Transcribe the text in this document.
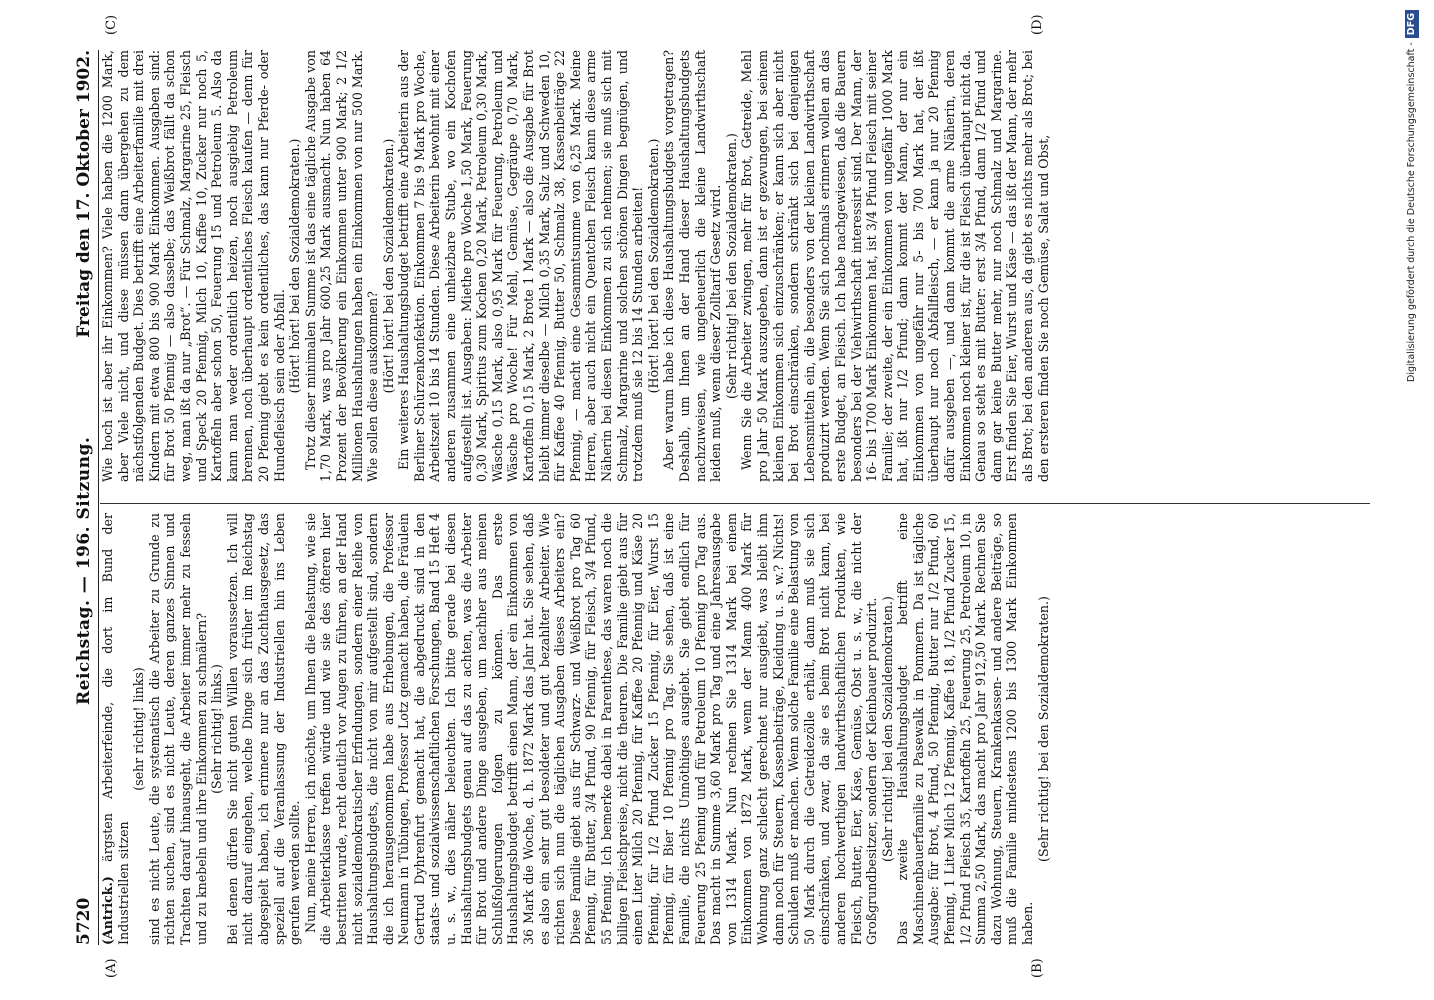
5720
Reichstag. — 196. Sitzung.
Freitag den 17. Oktober 1902.
(A)	(B)
(C)	(D)

(Antrick.) ärgsten Arbeiterfeinde, die dort im Bund der Industriellen sitzen

(sehr richtig! links) sind es nicht Leute, die systematisch die Arbeiter zu Grunde zu richten suchen, sind es nicht Leute, deren ganzes Sinnen und Trachten darauf hinausgeht, die Arbeiter immer mehr zu fesseln und zu knebeln und ihre Einkommen zu schmälern? (Sehr richtig! links.) Bei denen dürfen Sie nicht guten Willen voraussetzen. Ich will nicht darauf eingehen, welche Dinge sich früher im Reichstag abgespielt haben, ich erinnere nur an das Zuchthausgesetz, das speziell auf die Veranlassung der Industriellen hin ins Leben gerufen werden sollte. Nun, meine Herren, ich möchte, um Ihnen die Belastung, wie sie die Arbeiterklasse treffen würde und wie sie des öfteren hier bestritten wurde, recht deutlich vor Augen zu führen, an der Hand nicht sozialdemokratischer Erfindungen, sondern einer Reihe von Haushaltungsbudgets, die nicht von mir aufgestellt sind, sondern die ich herausgenommen habe aus Erhebungen, die Professor Neumann in Tübingen, Professor Lotz gemacht haben, die Fräulein Gertrud Dyhrenfurt gemacht hat, die abgedruckt sind in den staats- und sozialwissenschaftlichen Forschungen, Band 15 Heft 4 u. s. w., dies näher beleuchten. Ich bitte gerade bei diesen Haushaltungsbudgets genau auf das zu achten, was die Arbeiter für Brot und andere Dinge ausgeben, um nachher aus meinen Schlußfolgerungen folgen zu können. Das erste Haushaltungsbudget betrifft einen Mann, der ein Einkommen von 36 Mark die Woche, d. h. 1872 Mark das Jahr hat. Sie sehen, daß es also ein sehr gut besoldeter und gut bezahlter Arbeiter. Wie richten sich nun die täglichen Ausgaben dieses Arbeiters ein? Diese Familie giebt aus für Schwarz- und Weißbrot pro Tag 60 Pfennig, für Butter, 3/4 Pfund, 90 Pfennig, für Fleisch, 3/4 Pfund, 55 Pfennig. Ich bemerke dabei in Parenthese, das waren noch die billigen Fleischpreise, nicht die theuren. Die Familie giebt aus für einen Liter Milch 20 Pfennig, für Kaffee 20 Pfennig und Käse 20 Pfennig, für 1/2 Pfund Zucker 15 Pfennig, für Eier, Wurst 15 Pfennig, für Bier 10 Pfennig pro Tag. Sie sehen, daß ist eine Familie, die nichts Unnöthiges ausgiebt. Sie giebt endlich für Feuerung 25 Pfennig und für Petroleum 10 Pfennig pro Tag aus. Das macht in Summe 3,60 Mark pro Tag und eine Jahresausgabe von 1314 Mark. Nun rechnen Sie 1314 Mark bei einem Einkommen von 1872 Mark, wenn der Mann 400 Mark für Wohnung ganz schlecht gerechnet nur ausgiebt, was bleibt ihm dann noch für Steuern, Kassenbeiträge, Kleidung u. s. w.? Nichts! Schulden muß er machen. Wenn solche Familie eine Belastung von 50 Mark durch die Getreidezölle erhält, dann muß sie sich einschränken, und zwar, da sie es beim Brot nicht kann, bei anderen hochwerthigen landwirthschaftlichen Produkten, wie Fleisch, Butter, Eier, Käse, Gemüse, Obst u. s. w., die nicht der Großgrundbesitzer, sondern der Kleinbauer produzirt. (Sehr richtig! bei den Sozialdemokraten.) Das zweite Haushaltungsbudget betrifft eine Maschinenbauerfamilie zu Pasewalk in Pommern. Da ist tägliche Ausgabe: für Brot, 4 Pfund, 50 Pfennig, Butter nur 1/2 Pfund, 60 Pfennig, 1 Liter Milch 12 Pfennig, Kaffee 18, 1/2 Pfund Zucker 15, 1/2 Pfund Fleisch 35, Kartoffeln 25, Feuerung 25, Petroleum 10, in Summa 2,50 Mark, das macht pro Jahr 912,50 Mark. Rechnen Sie dazu Wohnung, Steuern, Krankenkassen- und andere Beiträge, so muß die Familie mindestens 1200 bis 1300 Mark Einkommen haben.

(Sehr richtig! bei den Sozialdemokraten.)

Wie hoch ist aber ihr Einkommen? Viele haben die 1200 Mark, aber Viele nicht, und diese müssen dann übergehen zu dem nächstfolgenden Budget. Dies betrifft eine Arbeiterfamilie mit drei Kindern mit etwa 800 bis 900 Mark Einkommen. Ausgaben sind: für Brot 50 Pfennig — also dasselbe; das Weißbrot fällt da schon weg, man ißt da nur „Brot“. — Für Schmalz, Margarine 25, Fleisch und Speck 20 Pfennig, Milch 10, Kaffee 10, Zucker nur noch 5, Kartoffeln aber schon 50, Feuerung 15 und Petroleum 5. Also da kann man weder ordentlich heizen, noch ausgiebig Petroleum brennen, noch überhaupt ordentliches Fleisch kaufen — denn für 20 Pfennig giebt es kein ordentliches, das kann nur Pferde- oder Hundefleisch sein oder Abfall. (Hört! hört! bei den Sozialdemokraten.) Trotz dieser minimalen Summe ist das eine tägliche Ausgabe von 1,70 Mark, was pro Jahr 600,25 Mark ausmacht. Nun haben 64 Prozent der Bevölkerung ein Einkommen unter 900 Mark; 2 1/2 Millionen Haushaltungen haben ein Einkommen von nur 500 Mark. Wie sollen diese auskommen? (Hört! hört! bei den Sozialdemokraten.) Ein weiteres Haushaltungsbudget betrifft eine Arbeiterin aus der Berliner Schürzenkonfektion. Einkommen 7 bis 9 Mark pro Woche, Arbeitszeit 10 bis 14 Stunden. Diese Arbeiterin bewohnt mit einer anderen zusammen eine unheizbare Stube, wo ein Kochofen aufgestellt ist. Ausgaben: Miethe pro Woche 1,50 Mark, Feuerung 0,30 Mark, Spiritus zum Kochen 0,20 Mark, Petroleum 0,30 Mark, Wäsche 0,15 Mark, also 0,95 Mark für Feuerung, Petroleum und Wäsche pro Woche! Für Mehl, Gemüse, Gegräupe 0,70 Mark, Kartoffeln 0,15 Mark, 2 Brote 1 Mark — also die Ausgabe für Brot bleibt immer dieselbe — Milch 0,35 Mark, Salz und Schweden 10, für Kaffee 40 Pfennig, Butter 50, Schmalz 38, Kassenbeiträge 22 Pfennig, — macht eine Gesammtsumme von 6,25 Mark. Meine Herren, aber auch nicht ein Quentchen Fleisch kann diese arme Näherin bei diesen Einkommen zu sich nehmen; sie muß sich mit Schmalz, Margarine und solchen schönen Dingen begnügen, und trotzdem muß sie 12 bis 14 Stunden arbeiten! (Hört! hört! bei den Sozialdemokraten.) Aber warum habe ich diese Haushaltungsbudgets vorgetragen? Deshalb, um Ihnen an der Hand dieser Haushaltungsbudgets nachzuweisen, wie ungeheuerlich die kleine Landwirthschaft leiden muß, wenn dieser Zolltarif Gesetz wird. (Sehr richtig! bei den Sozialdemokraten.) Wenn Sie die Arbeiter zwingen, mehr für Brot, Getreide, Mehl pro Jahr 50 Mark auszugeben, dann ist er gezwungen, bei seinem kleinen Einkommen sich einzuschränken; er kann sich aber nicht bei Brot einschränken, sondern schränkt sich bei denjenigen Lebensmitteln ein, die besonders von der kleinen Landwirthschaft produzirt werden. Wenn Sie sich nochmals erinnern wollen an das erste Budget, an Fleisch. Ich habe nachgewiesen, daß die Bauern besonders bei der Viehwirthschaft interessirt sind. Der Mann, der 16- bis 1700 Mark Einkommen hat, ist 3/4 Pfund Fleisch mit seiner Familie; der zweite, der ein Einkommen von ungefähr 1000 Mark hat, ißt nur 1/2 Pfund; dann kommt der Mann, der nur ein Einkommen von ungefähr nur 5- bis 700 Mark hat, der ißt überhaupt nur noch Abfallfleisch, — er kann ja nur 20 Pfennig dafür ausgeben —, und dann kommt die arme Näherin, deren Einkommen noch kleiner ist, für die ist Fleisch überhaupt nicht da. Genau so steht es mit Butter: erst 3/4 Pfund, dann 1/2 Pfund und dann gar keine Butter mehr, nur noch Schmalz und Margarine. Erst finden Sie Eier, Wurst und Käse — das ißt der Mann, der mehr als Brot; bei den anderen aus, da giebt es nichts mehr als Brot; bei den ersteren finden Sie noch Gemüse, Salat und Obst,	Digitalisierung gefördert durch die Deutsche Forschungsgemeinschaft -DFG
